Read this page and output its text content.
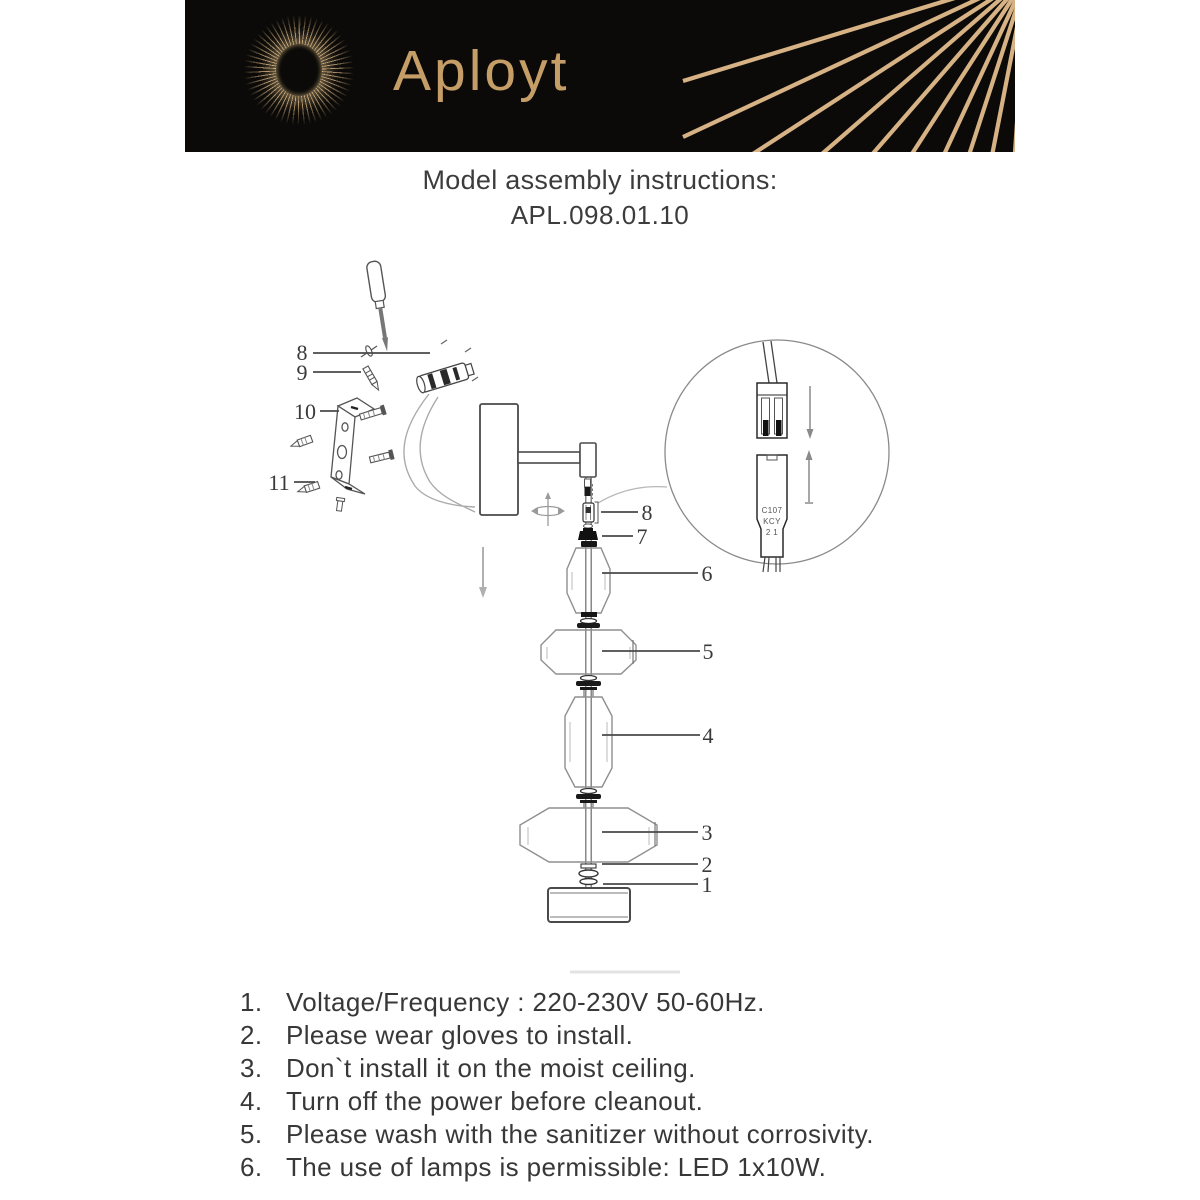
Aployt
Model assembly instructions:
APL.098.01.10
C107
KCY
2 1
8
9
10
11
8
7
6
5
4
3
2
1
1. Voltage/Frequency : 220-230V 50-60Hz.
2. Please wear gloves to install.
3. Don`t install it on the moist ceiling.
4. Turn off the power before cleanout.
5. Please wash with the sanitizer without corrosivity.
6. The use of lamps is permissible: LED 1x10W.
